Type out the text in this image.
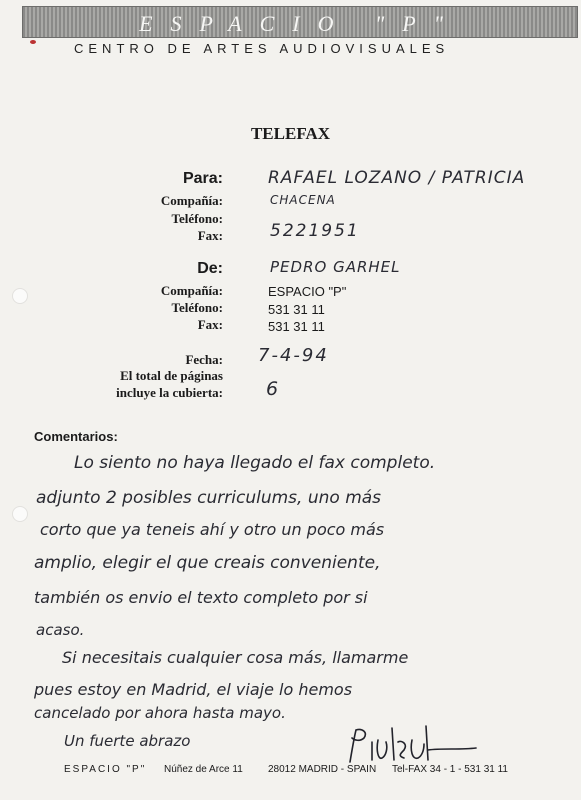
ESPACIO "P"
CENTRO DE ARTES AUDIOVISUALES
TELEFAX
Para:	RAFAEL LOZANO / PATRICIA
Compañía:	CHACENA
Teléfono:
Fax:	5221951
De:	PEDRO GARHEL
Compañía:	ESPACIO "P"
Teléfono:	531 31 11
Fax:	531 31 11
Fecha: 7-4-94
El total de páginas
incluye la cubierta: 6
Comentarios:
Lo siento no haya llegado el fax completo.
adjunto 2 posibles curriculums, uno más
corto que ya teneis ahí y otro un poco más
amplio, elegir el que creais conveniente,
también os envio el texto completo por si
acaso.
Si necesitais cualquier cosa más, llamarme
pues estoy en Madrid, el viaje lo hemos
cancelado por ahora hasta mayo.
Un fuerte abrazo
ESPACIO "P" Núñez de Arce 11	28012 MADRID - SPAIN Tel-FAX 34 - 1 - 531 31 11
